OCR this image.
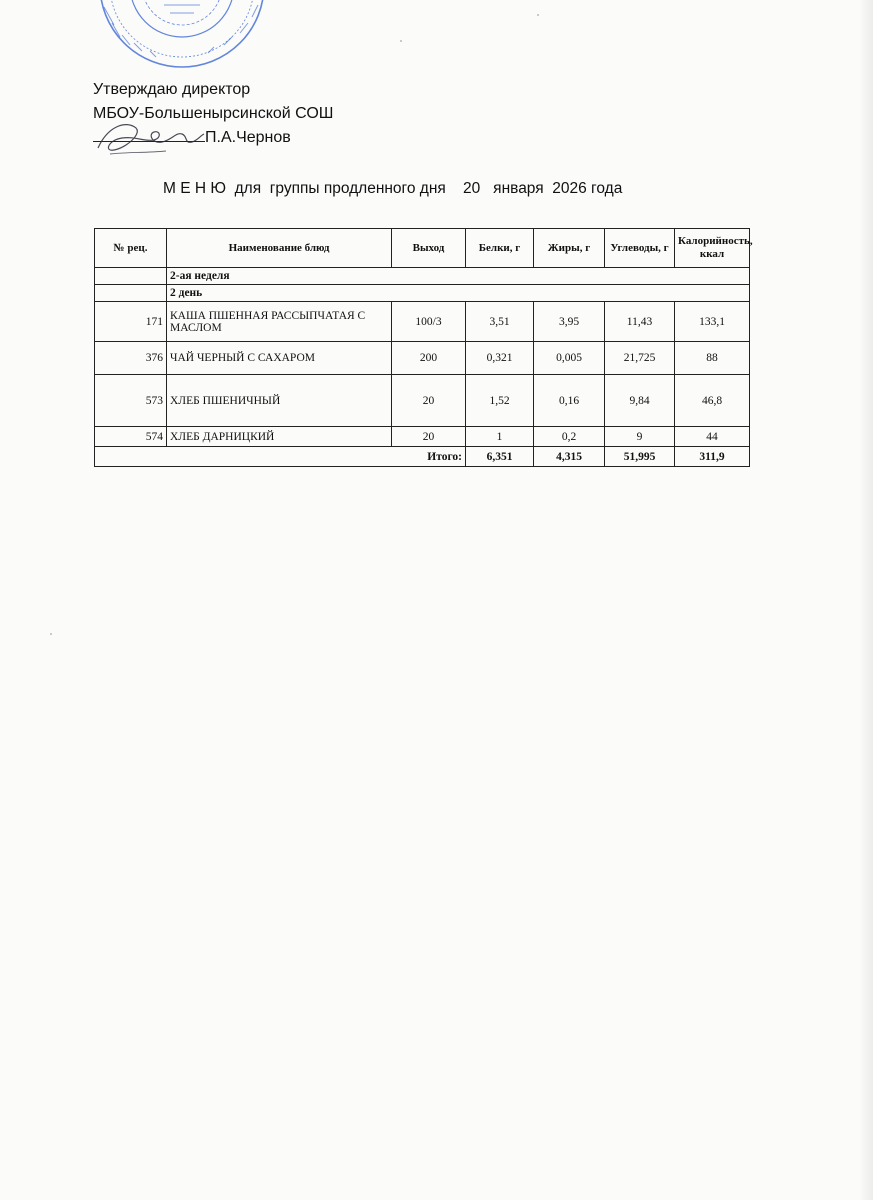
Утверждаю директор
МБОУ-Большенырсинской СОШ
П.А.Чернов
М Е Н Ю  для  группы продленного дня    20   января  2026 года
№ рец.	Наименование блюд	Выход	Белки, г	Жиры, г	Углеводы, г	Калорийность, ккал
	2-ая неделя					
	2 день					
171	КАША ПШЕННАЯ РАССЫПЧАТАЯ С МАСЛОМ	100/3	3,51	3,95	11,43	133,1
376	ЧАЙ ЧЕРНЫЙ С САХАРОМ	200	0,321	0,005	21,725	88
573	ХЛЕБ ПШЕНИЧНЫЙ	20	1,52	0,16	9,84	46,8
574	ХЛЕБ ДАРНИЦКИЙ	20	1	0,2	9	44
Итого:			6,351	4,315	51,995	311,9
